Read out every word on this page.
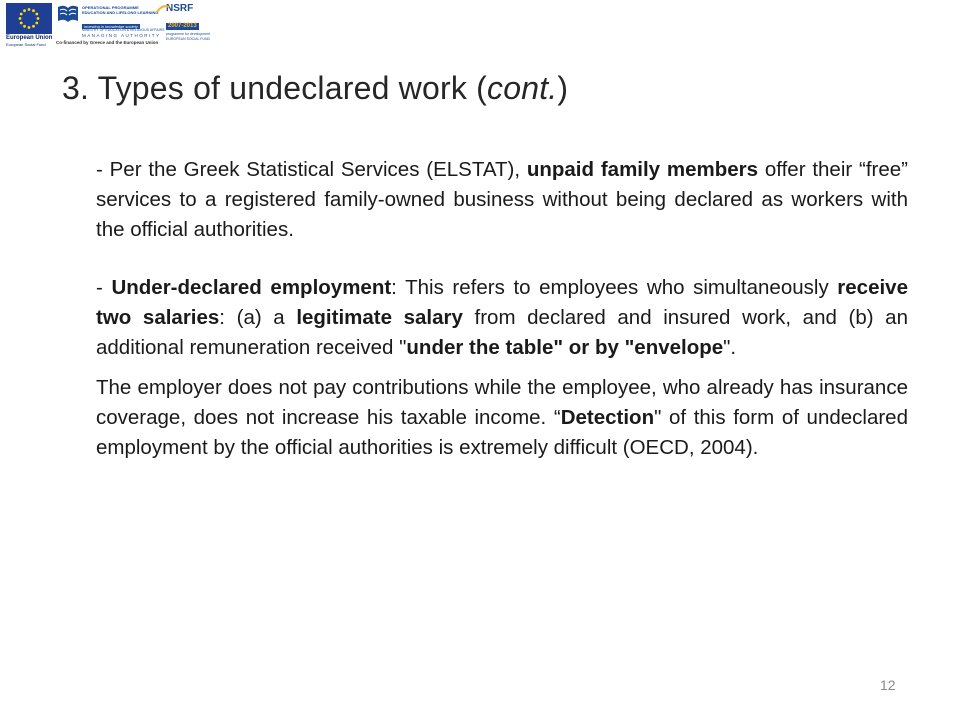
European Union
European Social Fund
OPERATIONAL PROGRAMME
EDUCATION AND LIFELONG LEARNING
investing in knowledge society
MINISTRY OF EDUCATION & RELIGIOUS AFFAIRS
MANAGING AUTHORITY
Co-financed by Greece and the European Union
NSRF
2007-2013
programme for development
EUROPEAN SOCIAL FUND
3. Types of undeclared work (cont.)

- Per the Greek Statistical Services (ELSTAT), unpaid family members offer their “free” services to a registered family-owned business without being declared as workers with the official authorities.

- Under-declared employment: This refers to employees who simultaneously receive two salaries: (a) a legitimate salary from declared and insured work, and (b) an additional remuneration received "under the table" or by "envelope".

The employer does not pay contributions while the employee, who already has insurance coverage, does not increase his taxable income. “Detection" of this form of undeclared employment by the official authorities is extremely difficult (OECD, 2004).

12
